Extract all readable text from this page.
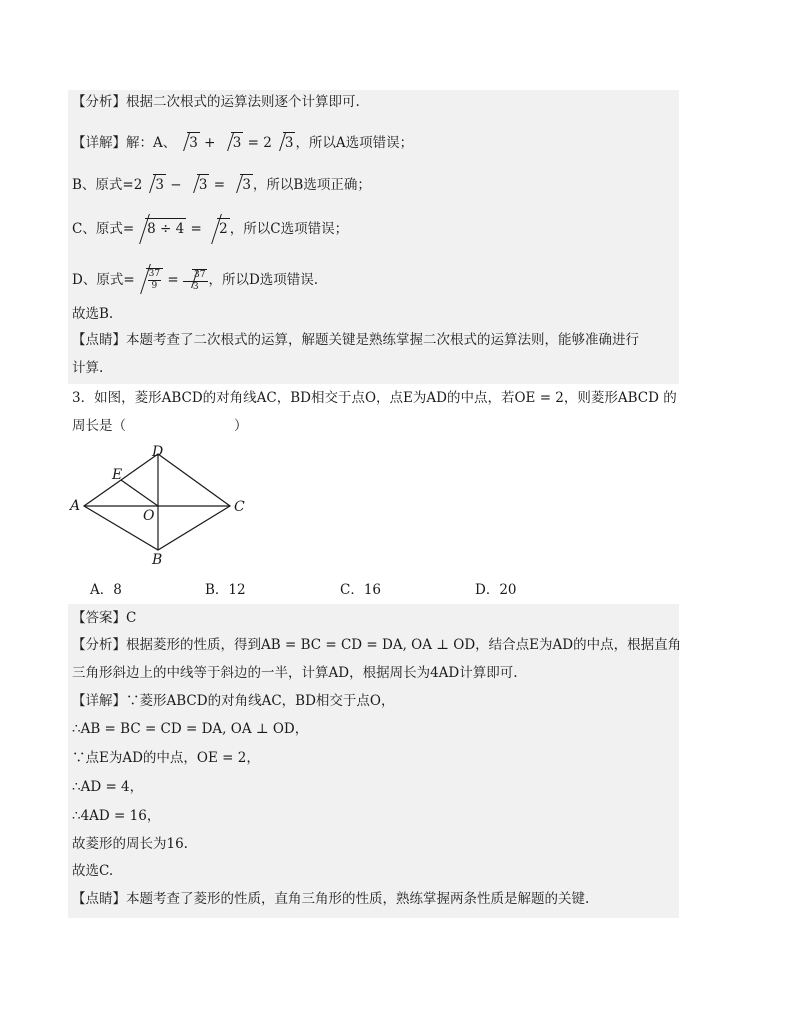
【分析】根据二次根式的运算法则逐个计算即可.
【详解】解：A、 3 + 3 = 2 3 ，所以A选项错误；
B、原式=2 3 − 3 = 3 ，所以B选项正确；
C、原式= 8 ÷ 4 = 2 ，所以C选项错误；
D、原式= $\frac{37}{9} = \frac{37}{3}$ ，所以D选项错误.
故选B.
【点睛】本题考查了二次根式的运算，解题关键是熟练掌握二次根式的运算法则，能够准确进行
计算.
3．如图，菱形ABCD的对角线AC，BD相交于点O，点E为AD的中点，若OE = 2，则菱形ABCD 的
周长是（　　　　　　　　）
A
D
E
O
C
B
A．8	B．12	C．16	D．20
【答案】C
【分析】根据菱形的性质，得到AB = BC = CD = DA, OA ⊥ OD，结合点E为AD的中点，根据直角
三角形斜边上的中线等于斜边的一半，计算AD，根据周长为4AD计算即可.
【详解】∵菱形ABCD的对角线AC，BD相交于点O，
∴AB = BC = CD = DA, OA ⊥ OD，
∵点E为AD的中点，OE = 2，
∴AD = 4，
∴4AD = 16，
故菱形的周长为16.
故选C.
【点睛】本题考查了菱形的性质，直角三角形的性质，熟练掌握两条性质是解题的关键.
